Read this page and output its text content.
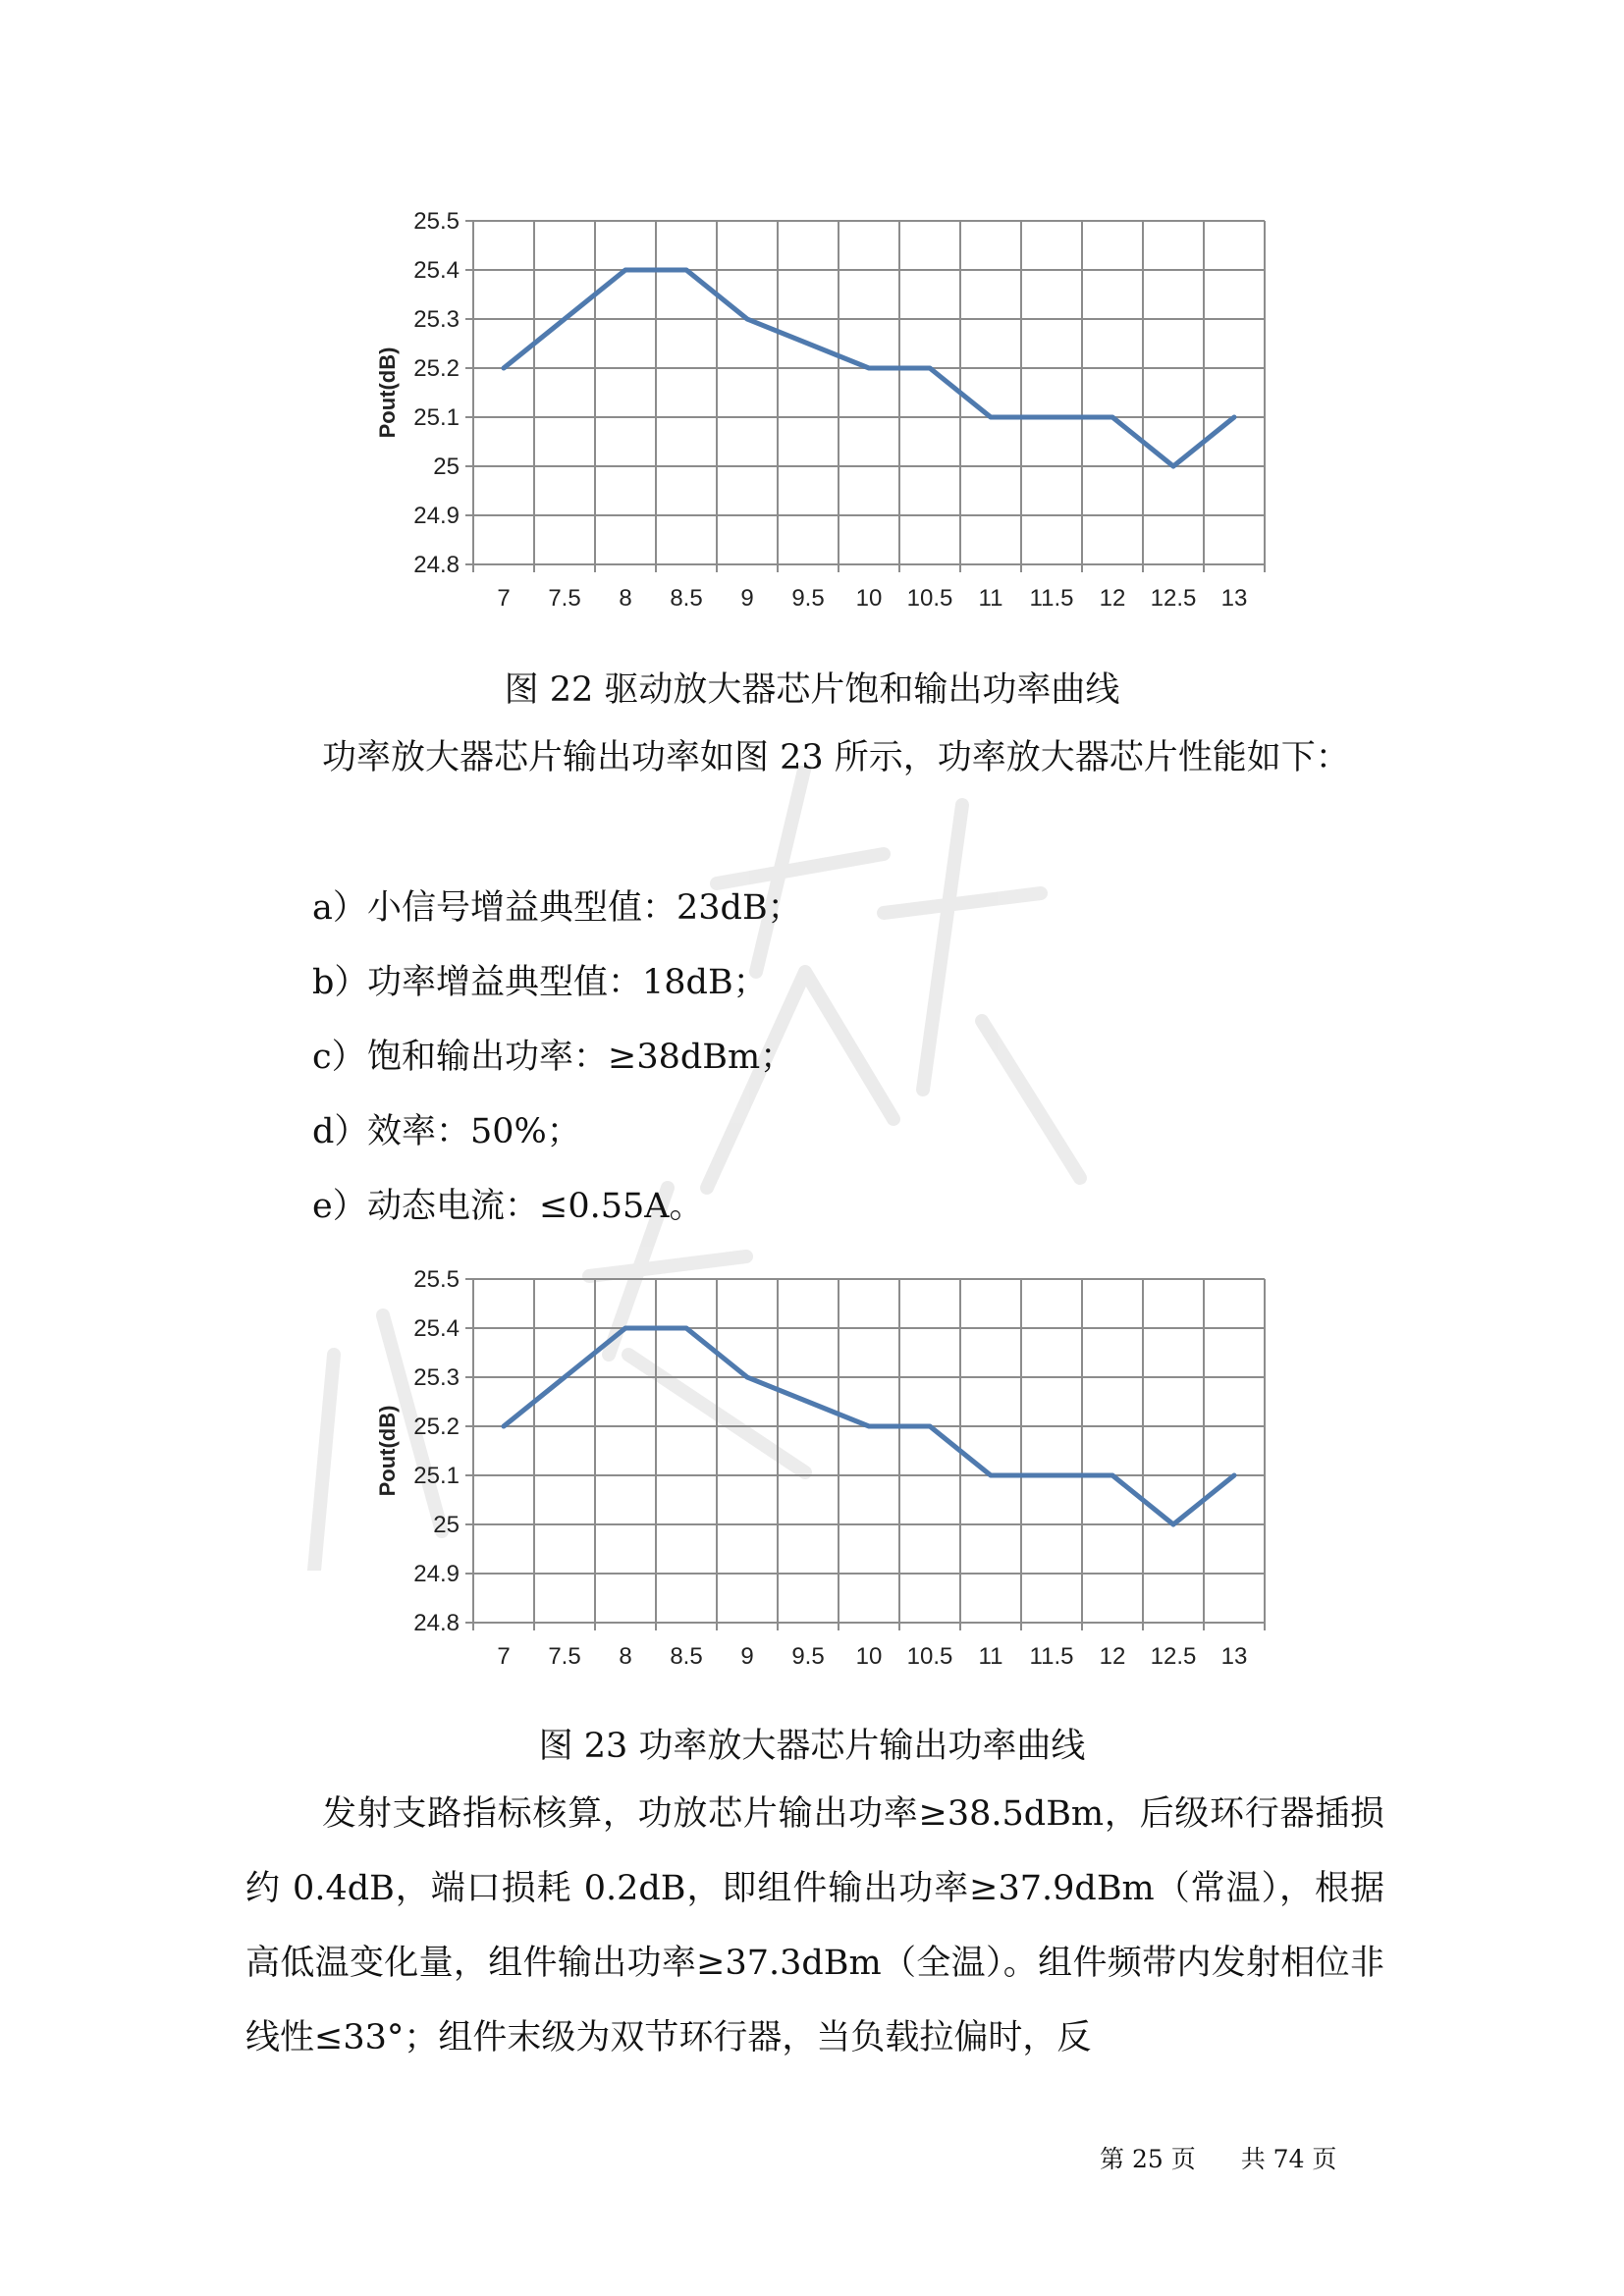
24.8
24.9
25
25.1
25.2
25.3
25.4
25.5
7 7.5 8 8.5 9 9.5 10 10.5 11 11.5 12 12.5 13
Pout(dB)
图 22 驱动放大器芯片饱和输出功率曲线

功率放大器芯片输出功率如图 23 所示，功率放大器芯片性能如下：

a）小信号增益典型值：23dB；
b）功率增益典型值：18dB；
c）饱和输出功率：≥38dBm；
d）效率：50%；
e）动态电流：≤0.55A。
24.8
24.9
25
25.1
25.2
25.3
25.4
25.5
7 7.5 8 8.5 9 9.5 10 10.5 11 11.5 12 12.5 13
Pout(dB)
图 23 功率放大器芯片输出功率曲线

发射支路指标核算，功放芯片输出功率≥38.5dBm，后级环行器插损约 0.4dB，端口损耗 0.2dB，即组件输出功率≥37.9dBm（常温），根据高低温变化量，组件输出功率≥37.3dBm（全温）。组件频带内发射相位非线性≤33°；组件末级为双节环行器，当负载拉偏时，反

第 25 页 共 74 页
